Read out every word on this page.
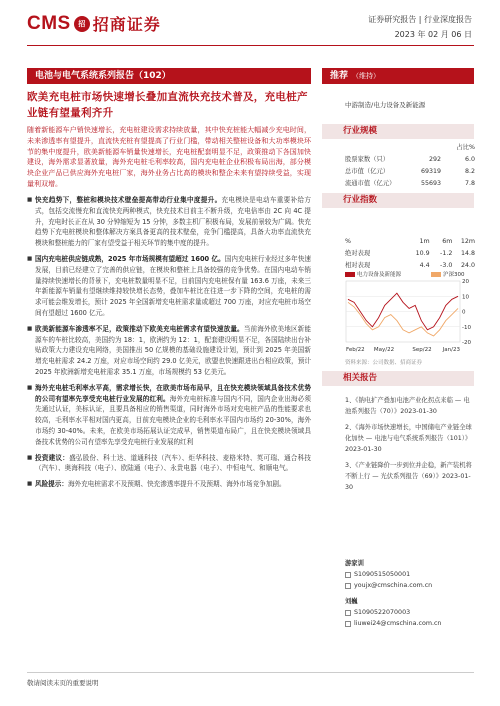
CMS	招 招商证券	证券研究报告 | 行业深度报告
2023 年 02 月 06 日
电池与电气系统系列报告（102）
欧美充电桩市场快速增长叠加直流快充技术普及，充电桩产业链有望量利齐升
随着新能源车户销快速增长，充电桩建设需求持续放量，其中快充桩能大幅减少充电时间，未来渗透率有望提升，直流快充桩有望提高了行业门槛，带动相关整桩设备和大功率模块环节的集中度提升，欧美新能源车销量快速增长，充电桩配套明显不足，政策推动下各国加快建设，海外需求显著放量，海外充电桩毛利率较高，国内充电桩企业积极布局出海，部分模块企业产品已供应海外充电桩厂家，海外业务占比高的模块和整企未来有望持续受益，实现量利双增。
■ 快充趋势下，整桩和模块技术壁垒提高带动行业集中度提升。充电模块是电动车重要补给方式，包括交流慢充和直流快充两种模式，快充技术目前主不断升级，充电倍率由 2C 向 4C 提升，充电时长正在从 30 分钟缩短为 15 分钟，多数主机厂积极布局，发展前景较为广阔。快充趋势下充电桩模块和整体解决方案具备更高的技术壁垒，竞争门槛提高，具备大功率直流快充模块和整桩能力的厂家有望受益于相关环节的集中度的提升。
■ 国内充电桩供应链成熟，2025 年市场规模有望超过 1600 亿。国内充电桩行业经过多年快速发展，目前已经建立了完善的供应链，在模块和整桩上具备较强的竞争优势。在国内电动车销量持续快速增长的背景下，充电桩数量明显不足，目前国内充电桩保有量 163.6 万座，未来三年新能源车销量有望继续维持较快增长态势，叠加车桩比在往进一步下降的空间，充电桩的需求可能会维发增长，预计 2025 年全国新增充电桩需求量或超过 700 万座，对应充电桩市场空间有望超过 1600 亿元。
■ 欧美新能源车渗透率不足，政策推动下欧美充电桩需求有望快速放量。当前海外欧美地区新能源车的车桩比较高，美国约为 18：1，欧洲约为 12：1，配套建设明显不足，各国陆续出台补贴政策大力建设充电网络，美国推出 50 亿规模的基础设施建设计划，预计到 2025 年美国新增充电桩需求 24.2 万座，对应市场空间约 29.0 亿美元，欧盟也快速跟进出台相应政策，预计 2025 年欧洲新增充电桩需求 35.1 万座，市场规模约 53 亿美元。
■ 海外充电桩毛利率水平高，需求增长快，在欧美市场布局早，且在快充模块领域具备技术优势的公司有望率先享受充电桩行业发展的红利。海外充电桩标准与国内不同，国内企业出海必须先通过认证，美标认证，且要具备相应的销售渠道，同时海外市场对充电桩产品的性能要求也较高，毛利率水平相对国内更高，目前充电模块企业的毛利率水平国内市场约 20-30%，海外市场约 30-40%。未来，在欧美市场拓展认证完成早，销售渠道布局广，且在快充模块领域具备技术优势的公司有望率先享受充电桩行业发展的红利
■ 投资建议：盛弘股份、科士达、道通科技（汽车）、炬华科技、麦格米特、英可瑞、通合科技（汽车）、奥海科技（电子）、欧陆通（电子）、永贵电器（电子）、中恒电气、和顺电气。
■ 风险提示：海外充电桩需求不及预期、快充渗透率提升不及预期、海外市场竞争加剧。
推荐 （维持）
中游制造/电力设备及新能源
行业规模
占比%
股票家数（只）	292	6.0
总市值（亿元）	69319	8.2
流通市值（亿元）	55693	7.8
行业指数
%	1m	6m	12m
绝对表现	10.9	-1.2	14.8
相对表现	4.4	-3.0	24.0
电力设备及新能源	沪深300
20
10
0
-10
-20
Feb/22 May/22	Sep/22 Jan/23
资料来源：公司数据、招商证券
相关报告
1、《钠电扩产叠加电池产业化拐点来临 — 电池系列报告（70）》2023-01-30
2、《海外市场快速增长，中国储电产业链全球化加快 — 电池与电气系统系列报告（101）》2023-01-30
3、《产业链降价一步到位并企稳，新产装机将不断上行 — 光伏系列报告（69）》2023-01-30
游家训
S1090515050001
youjx@cmschina.com.cn
刘巍
S1090522070003
liuwei24@cmschina.com.cn
敬请阅读末页的重要说明
